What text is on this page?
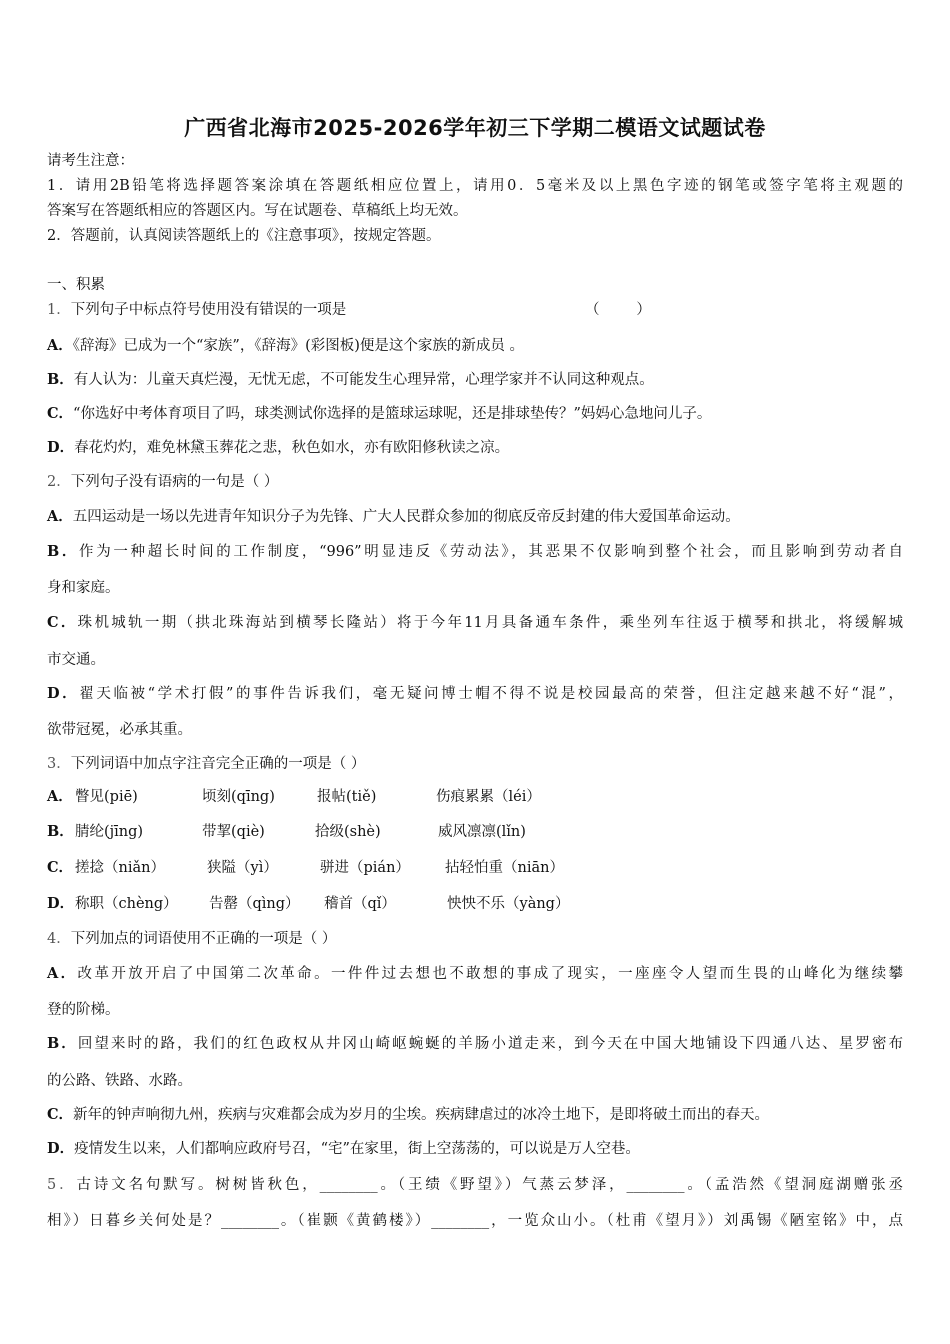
广西省北海市2025-2026学年初三下学期二模语文试题试卷
请考生注意：
1．请用2B铅笔将选择题答案涂填在答题纸相应位置上，请用0．5毫米及以上黑色字迹的钢笔或签字笔将主观题的
答案写在答题纸相应的答题区内。写在试题卷、草稿纸上均无效。
2．答题前，认真阅读答题纸上的《注意事项》，按规定答题。
一、积累
1．下列句子中标点符号使用没有错误的一项是	（        ）
A．《辞海》已成为一个“家族”，《辞海》(彩图板)便是这个家族的新成员 。
B．有人认为：儿童天真烂漫，无忧无虑，不可能发生心理异常，心理学家并不认同这种观点。
C．“你选好中考体育项目了吗，球类测试你选择的是篮球运球呢，还是排球垫传？”妈妈心急地问儿子。
D．春花灼灼，难免林黛玉葬花之悲，秋色如水，亦有欧阳修秋读之凉。
2．下列句子没有语病的一句是（ ）
A．五四运动是一场以先进青年知识分子为先锋、广大人民群众参加的彻底反帝反封建的伟大爱国革命运动。
B．作为一种超长时间的工作制度，“996”明显违反《劳动法》，其恶果不仅影响到整个社会，而且影响到劳动者自
身和家庭。
C．珠机城轨一期（拱北珠海站到横琴长隆站）将于今年11月具备通车条件，乘坐列车往返于横琴和拱北，将缓解城
市交通。
D．翟天临被“学术打假”的事件告诉我们，毫无疑问博士帽不得不说是校园最高的荣誉，但注定越来越不好“混”，
欲带冠冕，必承其重。
3．下列词语中加点字注音完全正确的一项是（ ）
A． 瞥见(piē)	顷刻(qīng)	报帖(tiě)	伤痕累累（léi）
B． 腈纶(jīng)	带挈(qiè)	拾级(shè)	威风凛凛(lǐn)
C． 搓捻（niǎn）	狭隘（yì）	骈进（pián） 拈轻怕重（niān）
D． 称职（chèng） 告罄（qìng） 稽首（qǐ）	怏怏不乐（yàng）
4．下列加点的词语使用不正确的一项是（ ）
A．改革开放开启了中国第二次革命。一件件过去想也不敢想的事成了现实，一座座令人望而生畏的山峰化为继续攀
登的阶梯。
B．回望来时的路，我们的红色政权从井冈山崎岖蜿蜒的羊肠小道走来，到今天在中国大地铺设下四通八达、星罗密布
的公路、铁路、水路。
C．新年的钟声响彻九州，疾病与灾难都会成为岁月的尘埃。疾病肆虐过的冰冷土地下，是即将破土而出的春天。
D．疫情发生以来，人们都响应政府号召，“宅”在家里，街上空荡荡的，可以说是万人空巷。
5．古诗文名句默写。树树皆秋色，________。（王绩《野望》）气蒸云梦泽，________。（孟浩然《望洞庭湖赠张丞
相》）日暮乡关何处是？________。（崔颢《黄鹤楼》）________，一览众山小。（杜甫《望月》）刘禹锡《陋室铭》中，点
